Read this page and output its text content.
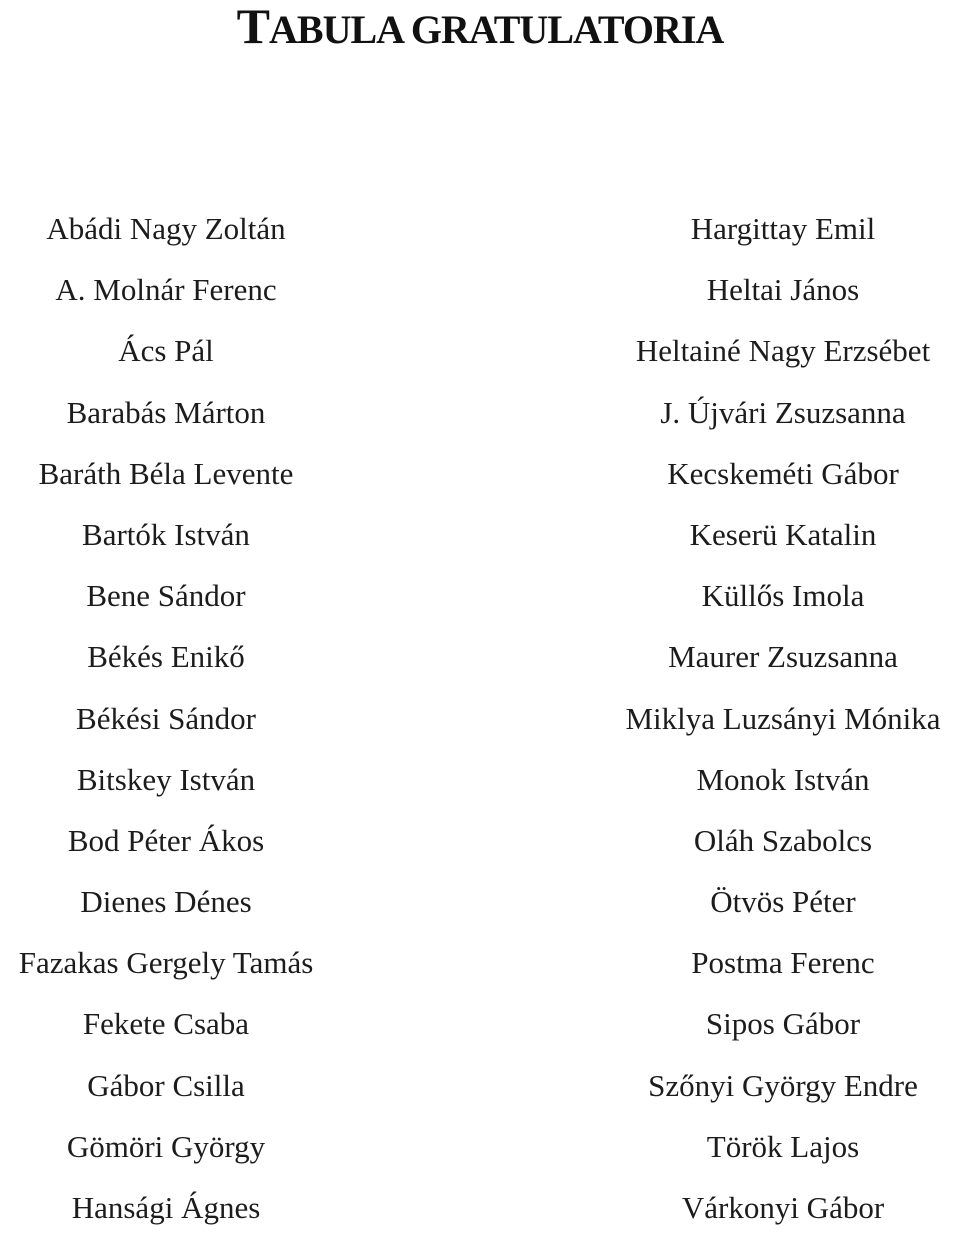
TABULA GRATULATORIA
Abádi Nagy Zoltán
A. Molnár Ferenc
Ács Pál
Barabás Márton
Baráth Béla Levente
Bartók István
Bene Sándor
Békés Enikő
Békési Sándor
Bitskey István
Bod Péter Ákos
Dienes Dénes
Fazakas Gergely Tamás
Fekete Csaba
Gábor Csilla
Gömöri György
Hansági Ágnes
Hargittay Emil
Heltai János
Heltainé Nagy Erzsébet
J. Újvári Zsuzsanna
Kecskeméti Gábor
Keserü Katalin
Küllős Imola
Maurer Zsuzsanna
Miklya Luzsányi Mónika
Monok István
Oláh Szabolcs
Ötvös Péter
Postma Ferenc
Sipos Gábor
Szőnyi György Endre
Török Lajos
Várkonyi Gábor
